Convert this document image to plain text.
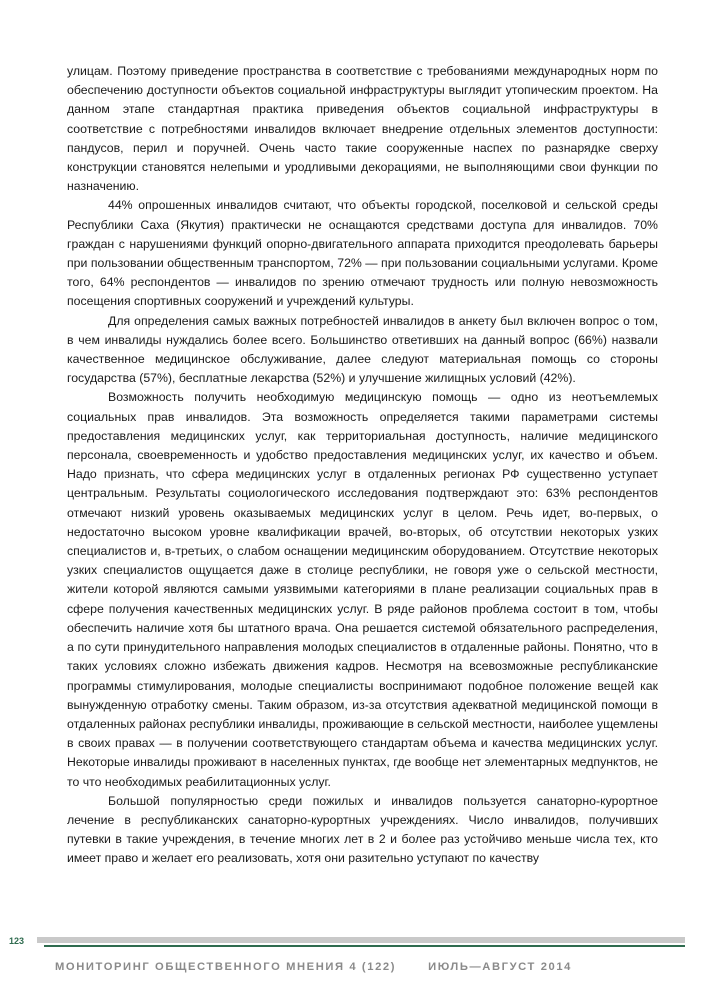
улицам. Поэтому приведение пространства в соответствие с требованиями международных норм по обеспечению доступности объектов социальной инфраструктуры выглядит утопическим проектом. На данном этапе стандартная практика приведения объектов социальной инфраструктуры в соответствие с потребностями инвалидов включает внедрение отдельных элементов доступности: пандусов, перил и поручней. Очень часто такие сооруженные наспех по разнарядке сверху конструкции становятся нелепыми и уродливыми декорациями, не выполняющими свои функции по назначению.

44% опрошенных инвалидов считают, что объекты городской, поселковой и сельской среды Республики Саха (Якутия) практически не оснащаются средствами доступа для инвалидов. 70% граждан с нарушениями функций опорно-двигательного аппарата приходится преодолевать барьеры при пользовании общественным транспортом, 72% — при пользовании социальными услугами. Кроме того, 64% респондентов — инвалидов по зрению отмечают трудность или полную невозможность посещения спортивных сооружений и учреждений культуры.

Для определения самых важных потребностей инвалидов в анкету был включен вопрос о том, в чем инвалиды нуждались более всего. Большинство ответивших на данный вопрос (66%) назвали качественное медицинское обслуживание, далее следуют материальная помощь со стороны государства (57%), бесплатные лекарства (52%) и улучшение жилищных условий (42%).

Возможность получить необходимую медицинскую помощь — одно из неотъемлемых социальных прав инвалидов. Эта возможность определяется такими параметрами системы предоставления медицинских услуг, как территориальная доступность, наличие медицинского персонала, своевременность и удобство предоставления медицинских услуг, их качество и объем. Надо признать, что сфера медицинских услуг в отдаленных регионах РФ существенно уступает центральным. Результаты социологического исследования подтверждают это: 63% респондентов отмечают низкий уровень оказываемых медицинских услуг в целом. Речь идет, во-первых, о недостаточно высоком уровне квалификации врачей, во-вторых, об отсутствии некоторых узких специалистов и, в-третьих, о слабом оснащении медицинским оборудованием. Отсутствие некоторых узких специалистов ощущается даже в столице республики, не говоря уже о сельской местности, жители которой являются самыми уязвимыми категориями в плане реализации социальных прав в сфере получения качественных медицинских услуг. В ряде районов проблема состоит в том, чтобы обеспечить наличие хотя бы штатного врача. Она решается системой обязательного распределения, а по сути принудительного направления молодых специалистов в отдаленные районы. Понятно, что в таких условиях сложно избежать движения кадров. Несмотря на всевозможные республиканские программы стимулирования, молодые специалисты воспринимают подобное положение вещей как вынужденную отработку смены. Таким образом, из-за отсутствия адекватной медицинской помощи в отдаленных районах республики инвалиды, проживающие в сельской местности, наиболее ущемлены в своих правах — в получении соответствующего стандартам объема и качества медицинских услуг. Некоторые инвалиды проживают в населенных пунктах, где вообще нет элементарных медпунктов, не то что необходимых реабилитационных услуг.

Большой популярностью среди пожилых и инвалидов пользуется санаторно-курортное лечение в республиканских санаторно-курортных учреждениях. Число инвалидов, получивших путевки в такие учреждения, в течение многих лет в 2 и более раз устойчиво меньше числа тех, кто имеет право и желает его реализовать, хотя они разительно уступают по качеству

123
МОНИТОРИНГ ОБЩЕСТВЕННОГО МНЕНИЯ 4 (122)	ИЮЛЬ—АВГУСТ 2014
